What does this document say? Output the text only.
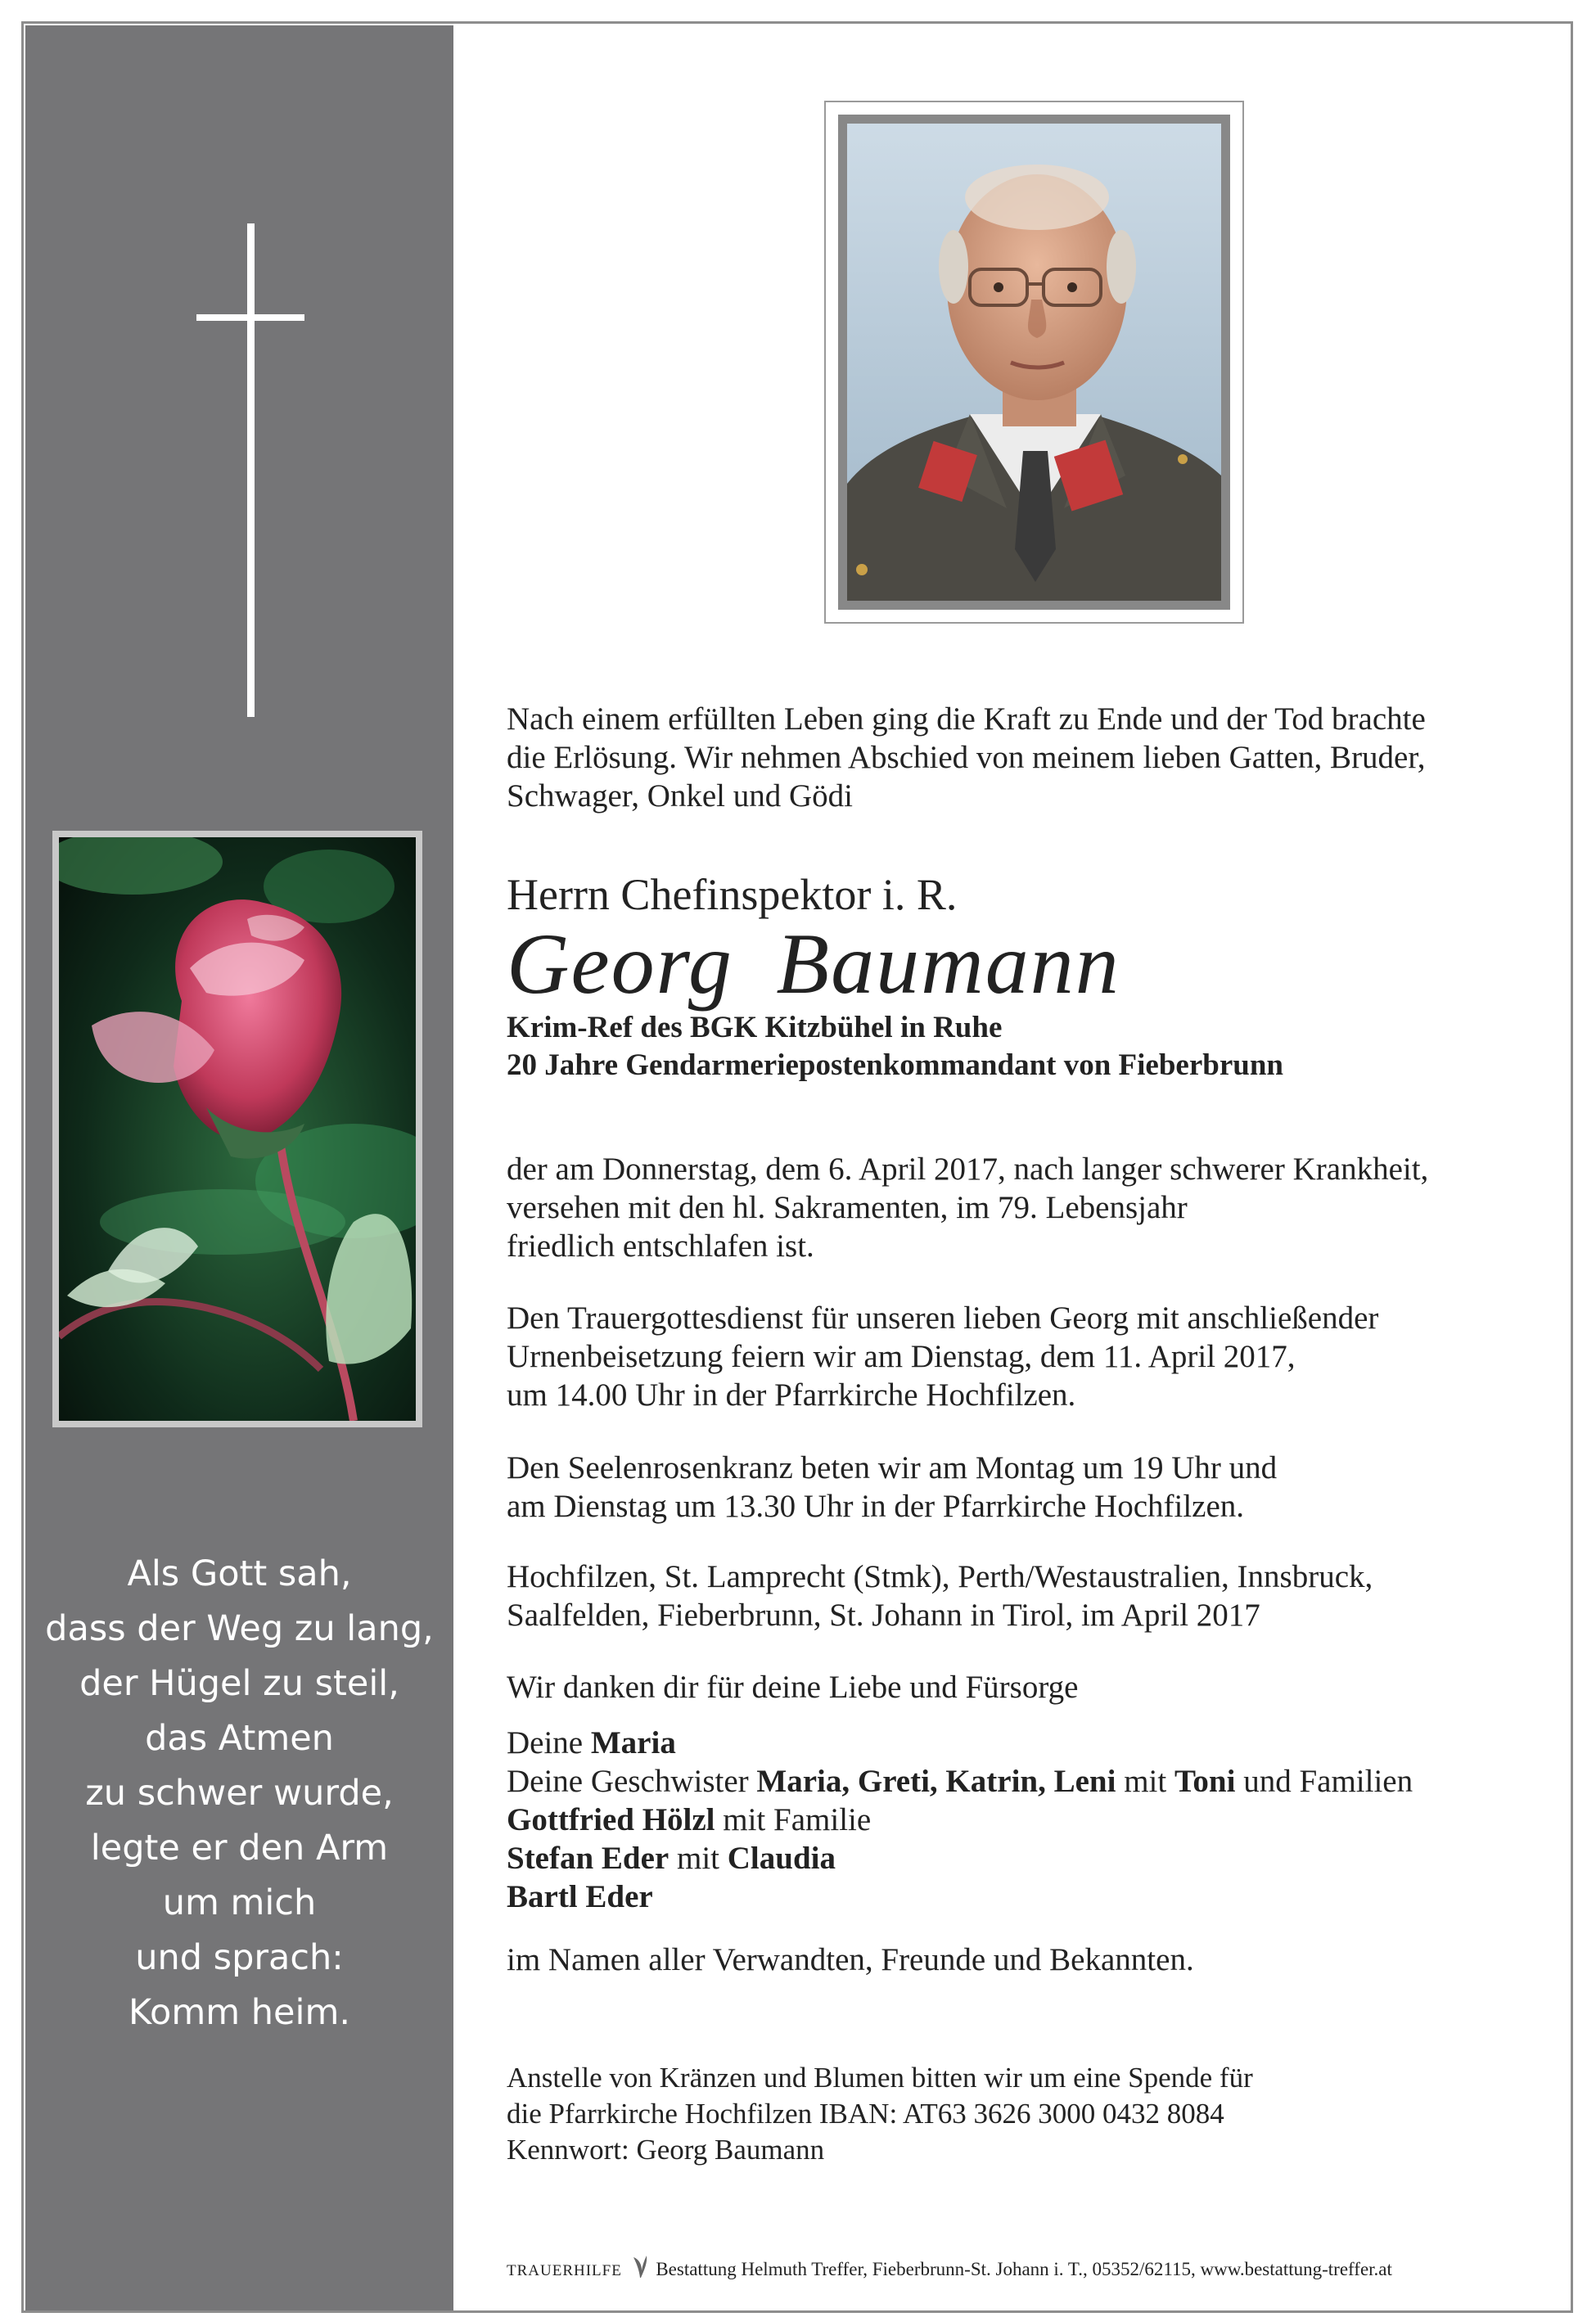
Als Gott sah,
dass der Weg zu lang,
der Hügel zu steil,
das Atmen
zu schwer wurde,
legte er den Arm
um mich
und sprach:
Komm heim.

Nach einem erfüllten Leben ging die Kraft zu Ende und der Tod brachte

die Erlösung. Wir nehmen Abschied von meinem lieben Gatten, Bruder,

Schwager, Onkel und Gödi

Herrn Chefinspektor i. R.

Georg Baumann

Krim-Ref des BGK Kitzbühel in Ruhe

20 Jahre Gendarmeriepostenkommandant von Fieberbrunn

der am Donnerstag, dem 6. April 2017, nach langer schwerer Krankheit,

versehen mit den hl. Sakramenten, im 79. Lebensjahr

friedlich entschlafen ist.

Den Trauergottesdienst für unseren lieben Georg mit anschließender

Urnenbeisetzung feiern wir am Dienstag, dem 11. April 2017,

um 14.00 Uhr in der Pfarrkirche Hochfilzen.

Den Seelenrosenkranz beten wir am Montag um 19 Uhr und

am Dienstag um 13.30 Uhr in der Pfarrkirche Hochfilzen.

Hochfilzen, St. Lamprecht (Stmk), Perth/Westaustralien, Innsbruck,

Saalfelden, Fieberbrunn, St. Johann in Tirol, im April 2017

Wir danken dir für deine Liebe und Fürsorge

Deine Maria

Deine Geschwister Maria, Greti, Katrin, Leni mit Toni und Familien

Gottfried Hölzl mit Familie

Stefan Eder mit Claudia

Bartl Eder

im Namen aller Verwandten, Freunde und Bekannten.

Anstelle von Kränzen und Blumen bitten wir um eine Spende für

die Pfarrkirche Hochfilzen IBAN: AT63 3626 3000 0432 8084

Kennwort: Georg Baumann

TRAUERHILFE Bestattung Helmuth Treffer, Fieberbrunn-St. Johann i. T., 05352/62115, www.bestattung-treffer.at
